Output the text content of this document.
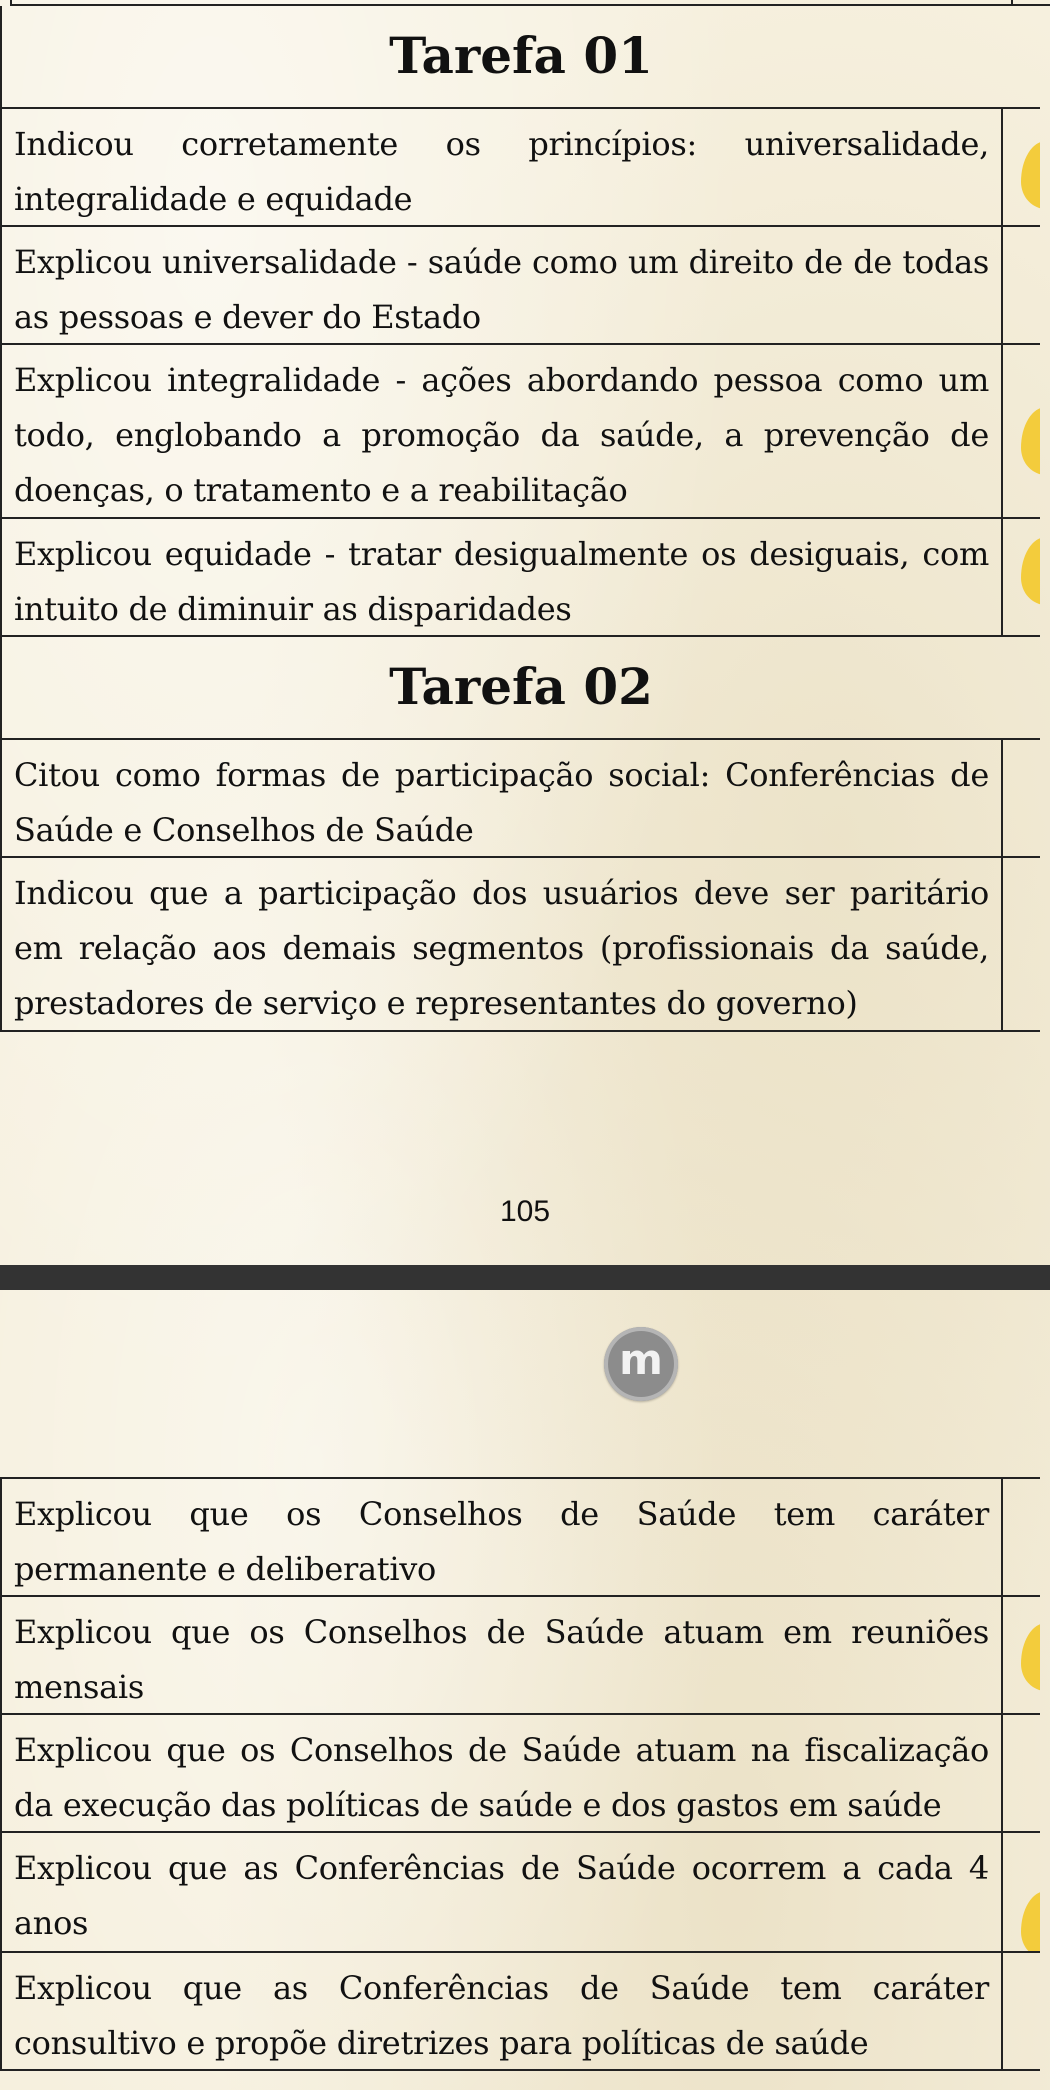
Tarefa 01
Indicou corretamente os princípios: universalidade, integralidade e equidade
Explicou universalidade - saúde como um direito de de todas as pessoas e dever do Estado
Explicou integralidade - ações abordando pessoa como um todo, englobando a promoção da saúde, a prevenção de doenças, o tratamento e a reabilitação
Explicou equidade - tratar desigualmente os desiguais, com intuito de diminuir as disparidades
Tarefa 02
Citou como formas de participação social: Conferências de Saúde e Conselhos de Saúde
Indicou que a participação dos usuários deve ser paritário em relação aos demais segmentos (profissionais da saúde, prestadores de serviço e representantes do governo)
105
m
Explicou que os Conselhos de Saúde tem caráter permanente e deliberativo
Explicou que os Conselhos de Saúde atuam em reuniões mensais
Explicou que os Conselhos de Saúde atuam na fiscalização da execução das políticas de saúde e dos gastos em saúde
Explicou que as Conferências de Saúde ocorrem a cada 4 anos
Explicou que as Conferências de Saúde tem caráter consultivo e propõe diretrizes para políticas de saúde
